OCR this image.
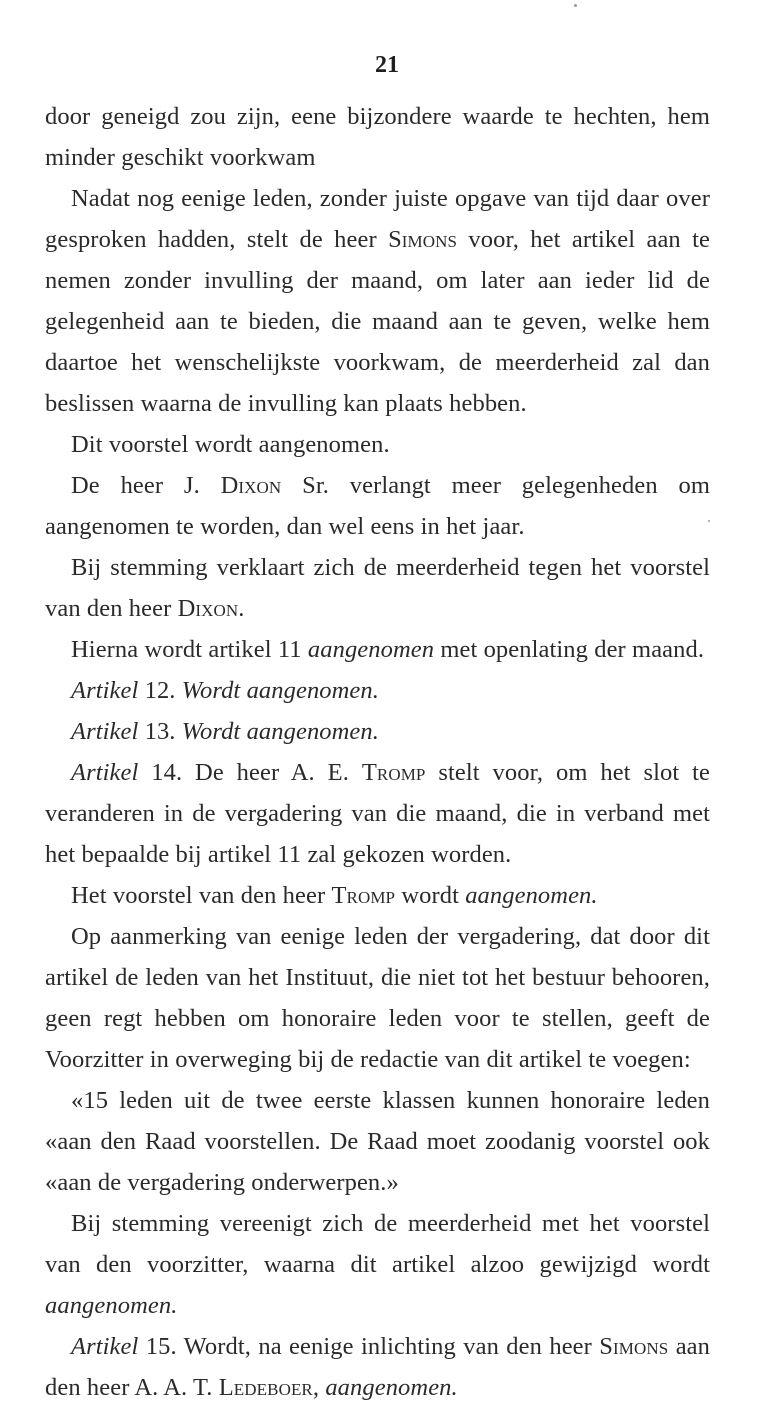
21

door geneigd zou zijn, eene bijzondere waarde te hechten, hem minder geschikt voorkwam

Nadat nog eenige leden, zonder juiste opgave van tijd daar over gesproken hadden, stelt de heer Simons voor, het artikel aan te nemen zonder invulling der maand, om later aan ieder lid de gelegenheid aan te bieden, die maand aan te geven, welke hem daartoe het wenschelijkste voorkwam, de meerderheid zal dan beslissen waarna de invulling kan plaats hebben.

Dit voorstel wordt aangenomen.

De heer J. Dixon Sr. verlangt meer gelegenheden om aangenomen te worden, dan wel eens in het jaar.

Bij stemming verklaart zich de meerderheid tegen het voorstel van den heer Dixon.

Hierna wordt artikel 11 aangenomen met openlating der maand.

Artikel 12. Wordt aangenomen.

Artikel 13. Wordt aangenomen.

Artikel 14. De heer A. E. Tromp stelt voor, om het slot te veranderen in de vergadering van die maand, die in verband met het bepaalde bij artikel 11 zal gekozen worden.

Het voorstel van den heer Tromp wordt aangenomen.

Op aanmerking van eenige leden der vergadering, dat door dit artikel de leden van het Instituut, die niet tot het bestuur behooren, geen regt hebben om honoraire leden voor te stellen, geeft de Voorzitter in overweging bij de redactie van dit artikel te voegen:

«15 leden uit de twee eerste klassen kunnen honoraire leden «aan den Raad voorstellen. De Raad moet zoodanig voorstel ook «aan de vergadering onderwerpen.»

Bij stemming vereenigt zich de meerderheid met het voorstel van den voorzitter, waarna dit artikel alzoo gewijzigd wordt aangenomen.

Artikel 15. Wordt, na eenige inlichting van den heer Simons aan den heer A. A. T. Ledeboer, aangenomen.
